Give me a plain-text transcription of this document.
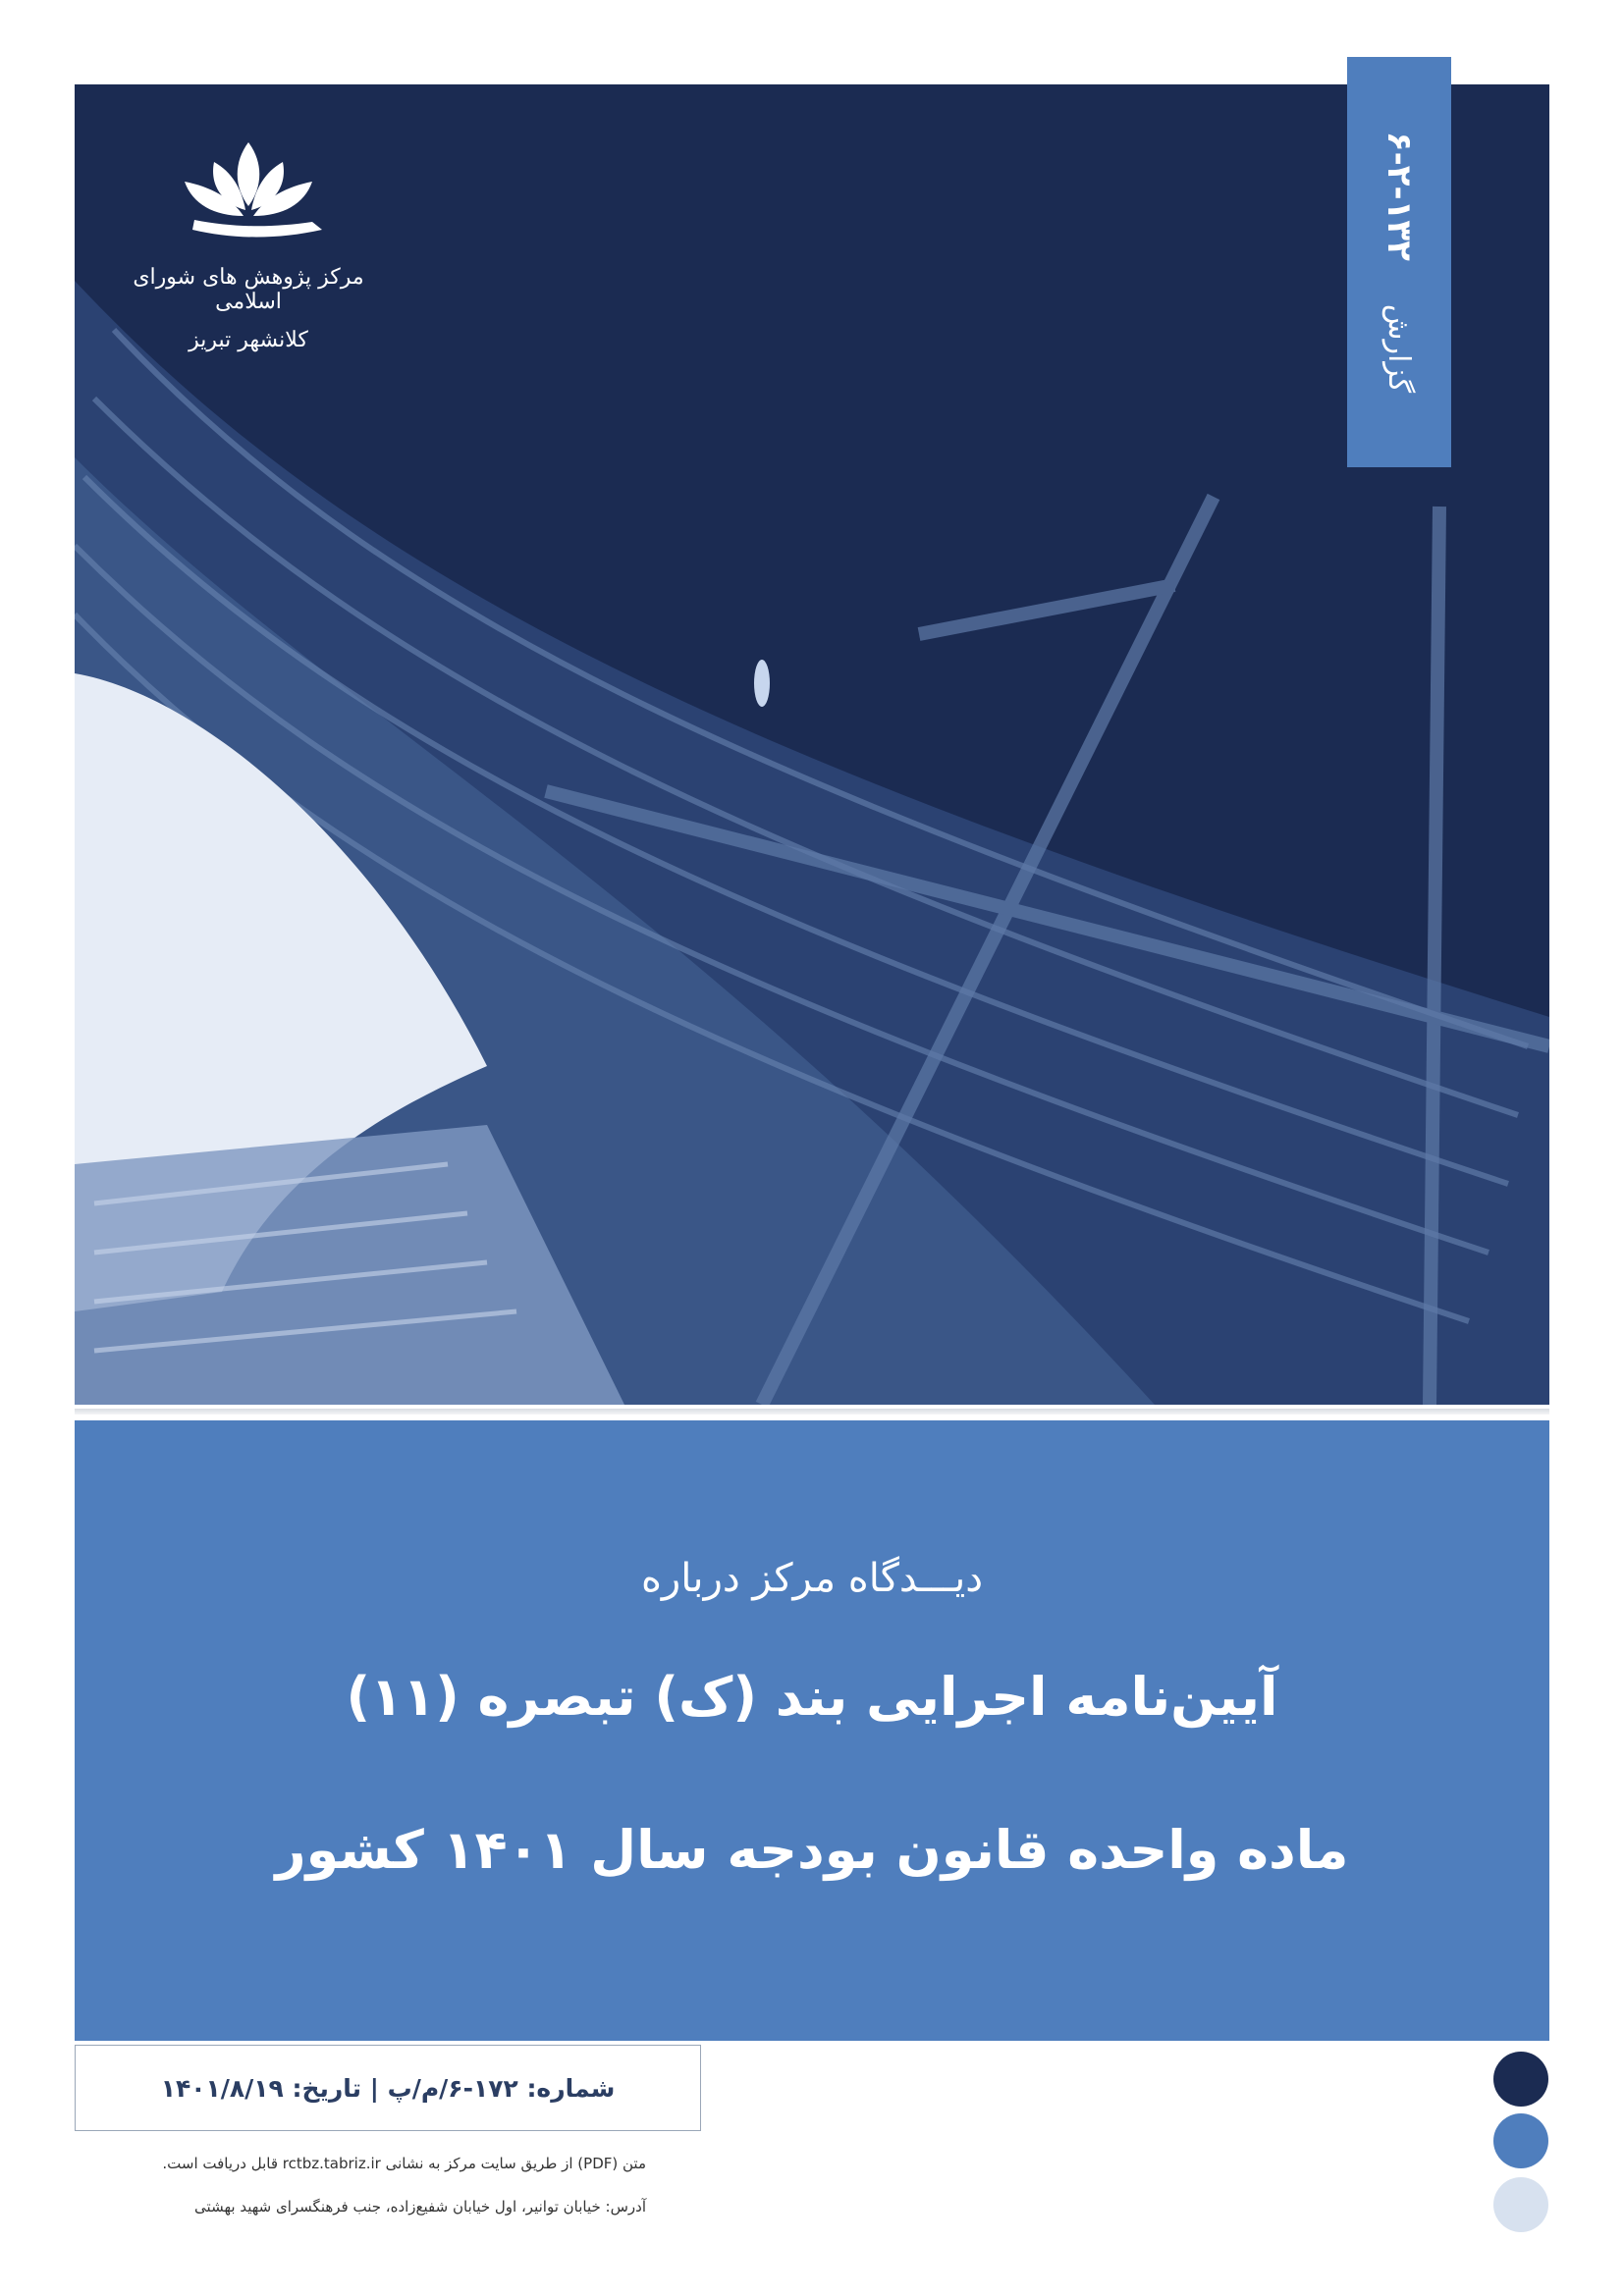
مرکز پژوهش های شورای اسلامی
کلانشهر تبریز	گزارش
۶-۲-۱۳۲
دیـــدگاه مرکز درباره
آیین‌نامه اجرایی بند (ک) تبصره (۱۱)
ماده واحده قانون بودجه سال ۱۴۰۱ کشور
شماره: ۱۷۲-۶/م/پ | تاریخ: ۱۴۰۱/۸/۱۹
متن (PDF) از طریق سایت مرکز به نشانی rctbz.tabriz.ir قابل دریافت است.
آدرس: خیابان توانیر، اول خیابان شفیع‌زاده، جنب فرهنگسرای شهید بهشتی
